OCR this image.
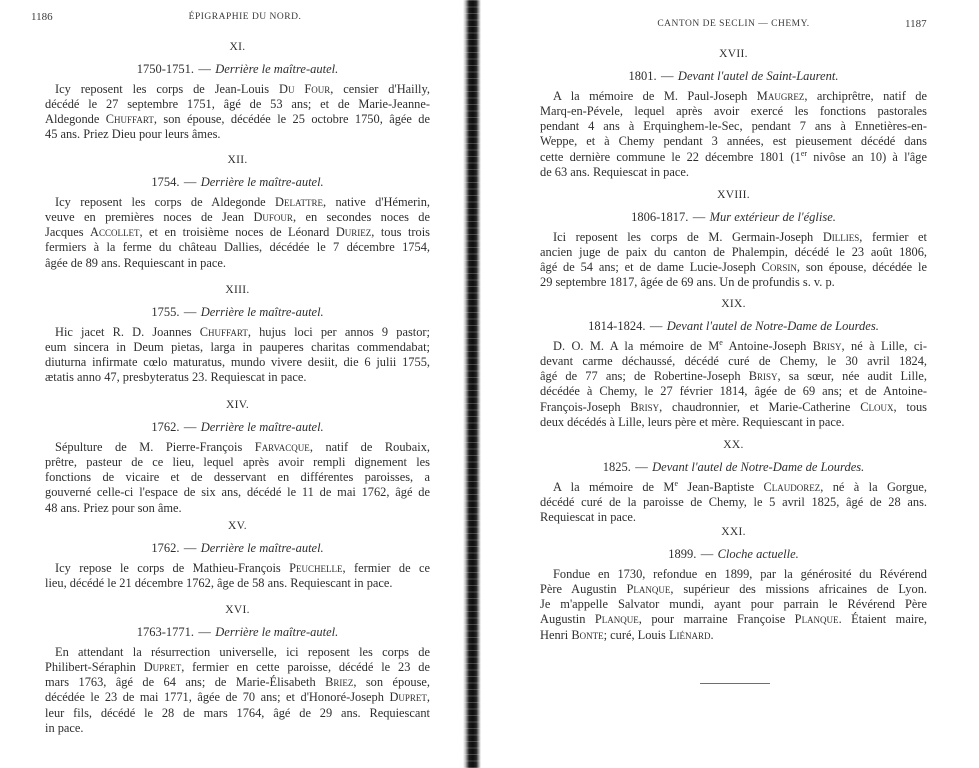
1186	ÉPIGRAPHIE DU NORD.
XI.
1750-1751. — Derrière le maître-autel.
Icy reposent les corps de Jean-Louis Du Four, censier d'Hailly,
décédé le 27 septembre 1751, âgé de 53 ans; et de Marie-Jeanne-
Aldegonde Chuffart, son épouse, décédée le 25 octobre 1750, âgée de
45 ans. Priez Dieu pour leurs âmes.
XII.
1754. — Derrière le maître-autel.
Icy reposent les corps de Aldegonde Delattre, native d'Hémerin,
veuve en premières noces de Jean Dufour, en secondes noces de
Jacques Accollet, et en troisième noces de Léonard Duriez, tous trois
fermiers à la ferme du château Dallies, décédée le 7 décembre 1754,
âgée de 89 ans. Requiescant in pace.
XIII.
1755. — Derrière le maître-autel.
Hic jacet R. D. Joannes Chuffart, hujus loci per annos 9 pastor;
eum sincera in Deum pietas, larga in pauperes charitas commendabat;
diuturna infirmate cœlo maturatus, mundo vivere desiit, die 6 julii 1755,
ætatis anno 47, presbyteratus 23. Requiescat in pace.
XIV.
1762. — Derrière le maître-autel.
Sépulture de M. Pierre-François Farvacque, natif de Roubaix,
prêtre, pasteur de ce lieu, lequel après avoir rempli dignement les
fonctions de vicaire et de desservant en différentes paroisses, a
gouverné celle-ci l'espace de six ans, décédé le 11 de mai 1762, âgé de
48 ans. Priez pour son âme.
XV.
1762. — Derrière le maître-autel.
Icy repose le corps de Mathieu-François Peuchelle, fermier de ce
lieu, décédé le 21 décembre 1762, âge de 58 ans. Requiescant in pace.
XVI.
1763-1771. — Derrière le maître-autel.
En attendant la résurrection universelle, ici reposent les corps de
Philibert-Séraphin Dupret, fermier en cette paroisse, décédé le 23 de
mars 1763, âgé de 64 ans; de Marie-Élisabeth Briez, son épouse,
décédée le 23 de mai 1771, âgée de 70 ans; et d'Honoré-Joseph Dupret,
leur fils, décédé le 28 de mars 1764, âgé de 29 ans. Requiescant
in pace.
1187
CANTON DE SECLIN — CHEMY.
XVII.
1801. — Devant l'autel de Saint-Laurent.
A la mémoire de M. Paul-Joseph Maugrez, archiprêtre, natif de
Marq-en-Pévele, lequel après avoir exercé les fonctions pastorales
pendant 4 ans à Erquinghem-le-Sec, pendant 7 ans à Ennetières-en-
Weppe, et à Chemy pendant 3 années, est pieusement décédé dans
cette dernière commune le 22 décembre 1801 (1er nivôse an 10) à l'âge
de 63 ans. Requiescat in pace.
XVIII.
1806-1817. — Mur extérieur de l'église.
Ici reposent les corps de M. Germain-Joseph Dillies, fermier et
ancien juge de paix du canton de Phalempin, décédé le 23 août 1806,
âgé de 54 ans; et de dame Lucie-Joseph Corsin, son épouse, décédée le
29 septembre 1817, âgée de 69 ans. Un de profundis s. v. p.
XIX.
1814-1824. — Devant l'autel de Notre-Dame de Lourdes.
D. O. M. A la mémoire de Me Antoine-Joseph Brisy, né à Lille, ci-
devant carme déchaussé, décédé curé de Chemy, le 30 avril 1824,
âgé de 77 ans; de Robertine-Joseph Brisy, sa sœur, née audit Lille,
décédée à Chemy, le 27 février 1814, âgée de 69 ans; et de Antoine-
François-Joseph Brisy, chaudronnier, et Marie-Catherine Cloux, tous
deux décédés à Lille, leurs père et mère. Requiescant in pace.
XX.
1825. — Devant l'autel de Notre-Dame de Lourdes.
A la mémoire de Me Jean-Baptiste Claudorez, né à la Gorgue,
décédé curé de la paroisse de Chemy, le 5 avril 1825, âgé de 28 ans.
Requiescat in pace.
XXI.
1899. — Cloche actuelle.
Fondue en 1730, refondue en 1899, par la générosité du Révérend
Père Augustin Planque, supérieur des missions africaines de Lyon.
Je m'appelle Salvator mundi, ayant pour parrain le Révérend Père
Augustin Planque, pour marraine Françoise Planque. Étaient maire,
Henri Bonte; curé, Louis Liénard.
